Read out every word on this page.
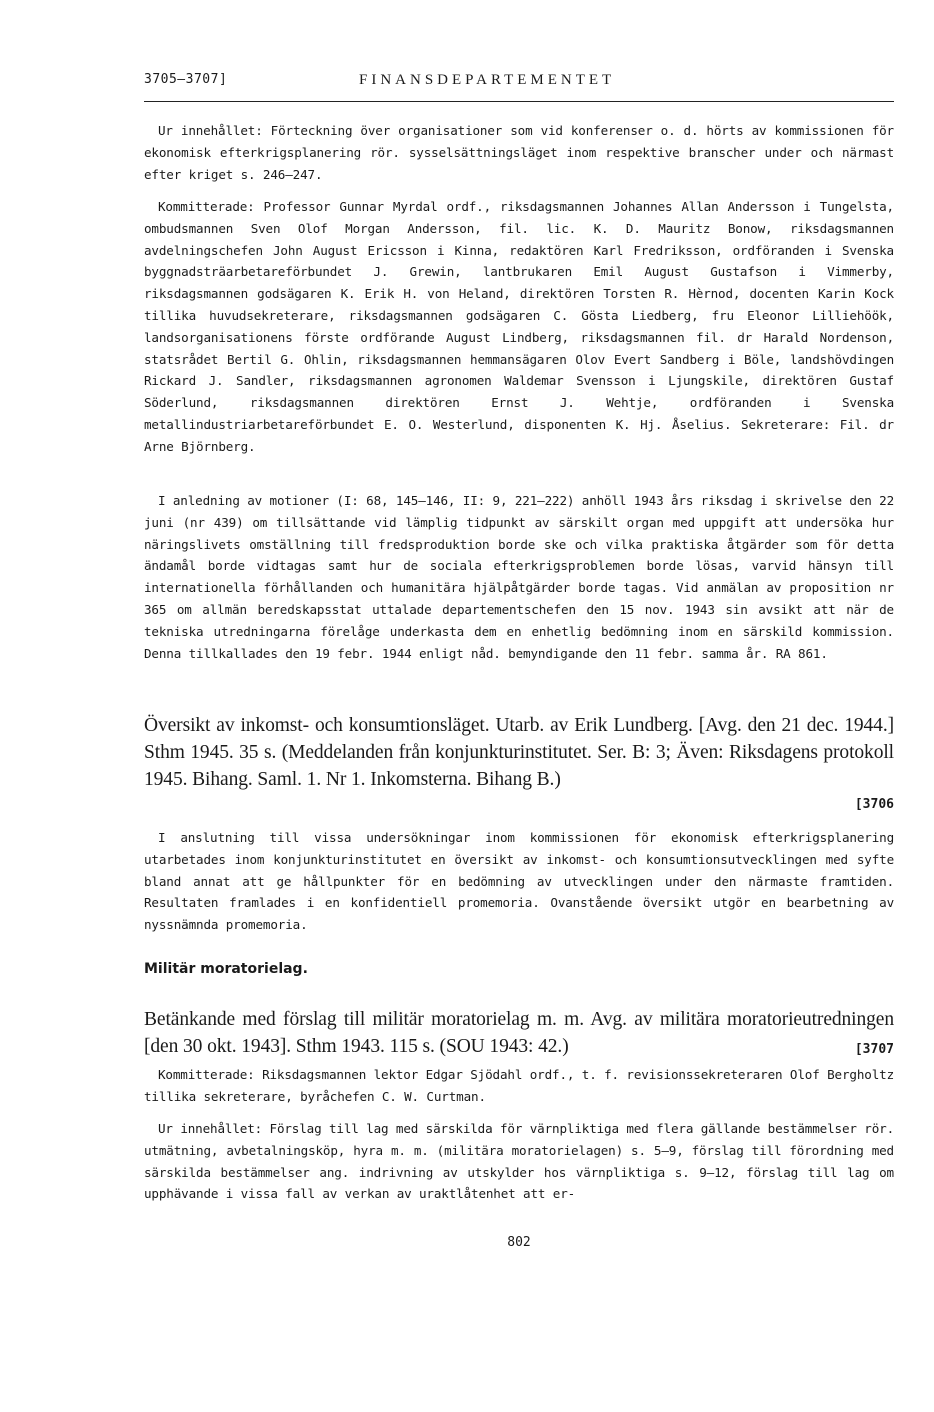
3705—3707]	FINANSDEPARTEMENTET

Ur innehållet: Förteckning över organisationer som vid konferenser o. d. hörts av kommissionen för ekonomisk efterkrigsplanering rör. sysselsättningsläget inom respektive branscher under och närmast efter kriget s. 246—247.

Kommitterade: Professor Gunnar Myrdal ordf., riksdagsmannen Johannes Allan Andersson i Tungelsta, ombudsmannen Sven Olof Morgan Andersson, fil. lic. K. D. Mauritz Bonow, riksdagsmannen avdelningschefen John August Ericsson i Kinna, redaktören Karl Fredriksson, ordföranden i Svenska byggnadsträarbetareförbundet J. Grewin, lantbrukaren Emil August Gustafson i Vimmerby, riksdagsmannen godsägaren K. Erik H. von Heland, direktören Torsten R. Hèrnod, docenten Karin Kock tillika huvudsekreterare, riksdagsmannen godsägaren C. Gösta Liedberg, fru Eleonor Lilliehöök, landsorganisationens förste ordförande August Lindberg, riksdagsmannen fil. dr Harald Nordenson, statsrådet Bertil G. Ohlin, riksdagsmannen hemmansägaren Olov Evert Sandberg i Böle, landshövdingen Rickard J. Sandler, riksdagsmannen agronomen Waldemar Svensson i Ljungskile, direktören Gustaf Söderlund, riksdagsmannen direktören Ernst J. Wehtje, ordföranden i Svenska metallindustriarbetareförbundet E. O. Westerlund, disponenten K. Hj. Åselius. Sekreterare: Fil. dr Arne Björnberg.

I anledning av motioner (I: 68, 145—146, II: 9, 221—222) anhöll 1943 års riksdag i skrivelse den 22 juni (nr 439) om tillsättande vid lämplig tidpunkt av särskilt organ med uppgift att undersöka hur näringslivets omställning till fredsproduktion borde ske och vilka praktiska åtgärder som för detta ändamål borde vidtagas samt hur de sociala efterkrigsproblemen borde lösas, varvid hänsyn till internationella förhållanden och humanitära hjälpåtgärder borde tagas. Vid anmälan av proposition nr 365 om allmän beredskapsstat uttalade departementschefen den 15 nov. 1943 sin avsikt att när de tekniska utredningarna förelåge underkasta dem en enhetlig bedömning inom en särskild kommission. Denna tillkallades den 19 febr. 1944 enligt nåd. bemyndigande den 11 febr. samma år. RA 861.

Översikt av inkomst- och konsumtionsläget. Utarb. av Erik Lundberg. [Avg. den 21 dec. 1944.] Sthm 1945. 35 s. (Meddelanden från konjunkturinstitutet. Ser. B: 3; Även: Riksdagens protokoll 1945. Bihang. Saml. 1. Nr 1. Inkomsterna. Bihang B.)
[3706

I anslutning till vissa undersökningar inom kommissionen för ekonomisk efterkrigsplanering utarbetades inom konjunkturinstitutet en översikt av inkomst- och konsumtionsutvecklingen med syfte bland annat att ge hållpunkter för en bedömning av utvecklingen under den närmaste framtiden. Resultaten framlades i en konfidentiell promemoria. Ovanstående översikt utgör en bearbetning av nyssnämnda promemoria.

Militär moratorielag.
Betänkande med förslag till militär moratorielag m. m. Avg. av militära moratorieutredningen [den 30 okt. 1943]. Sthm 1943. 115 s. (SOU 1943: 42.)	[3707

Kommitterade: Riksdagsmannen lektor Edgar Sjödahl ordf., t. f. revisionssekreteraren Olof Bergholtz tillika sekreterare, byråchefen C. W. Curtman.

Ur innehållet: Förslag till lag med särskilda för värnpliktiga med flera gällande bestämmelser rör. utmätning, avbetalningsköp, hyra m. m. (militära moratorielagen) s. 5—9, förslag till förordning med särskilda bestämmelser ang. indrivning av utskylder hos värnpliktiga s. 9—12, förslag till lag om upphävande i vissa fall av verkan av uraktlåtenhet att er-

802
